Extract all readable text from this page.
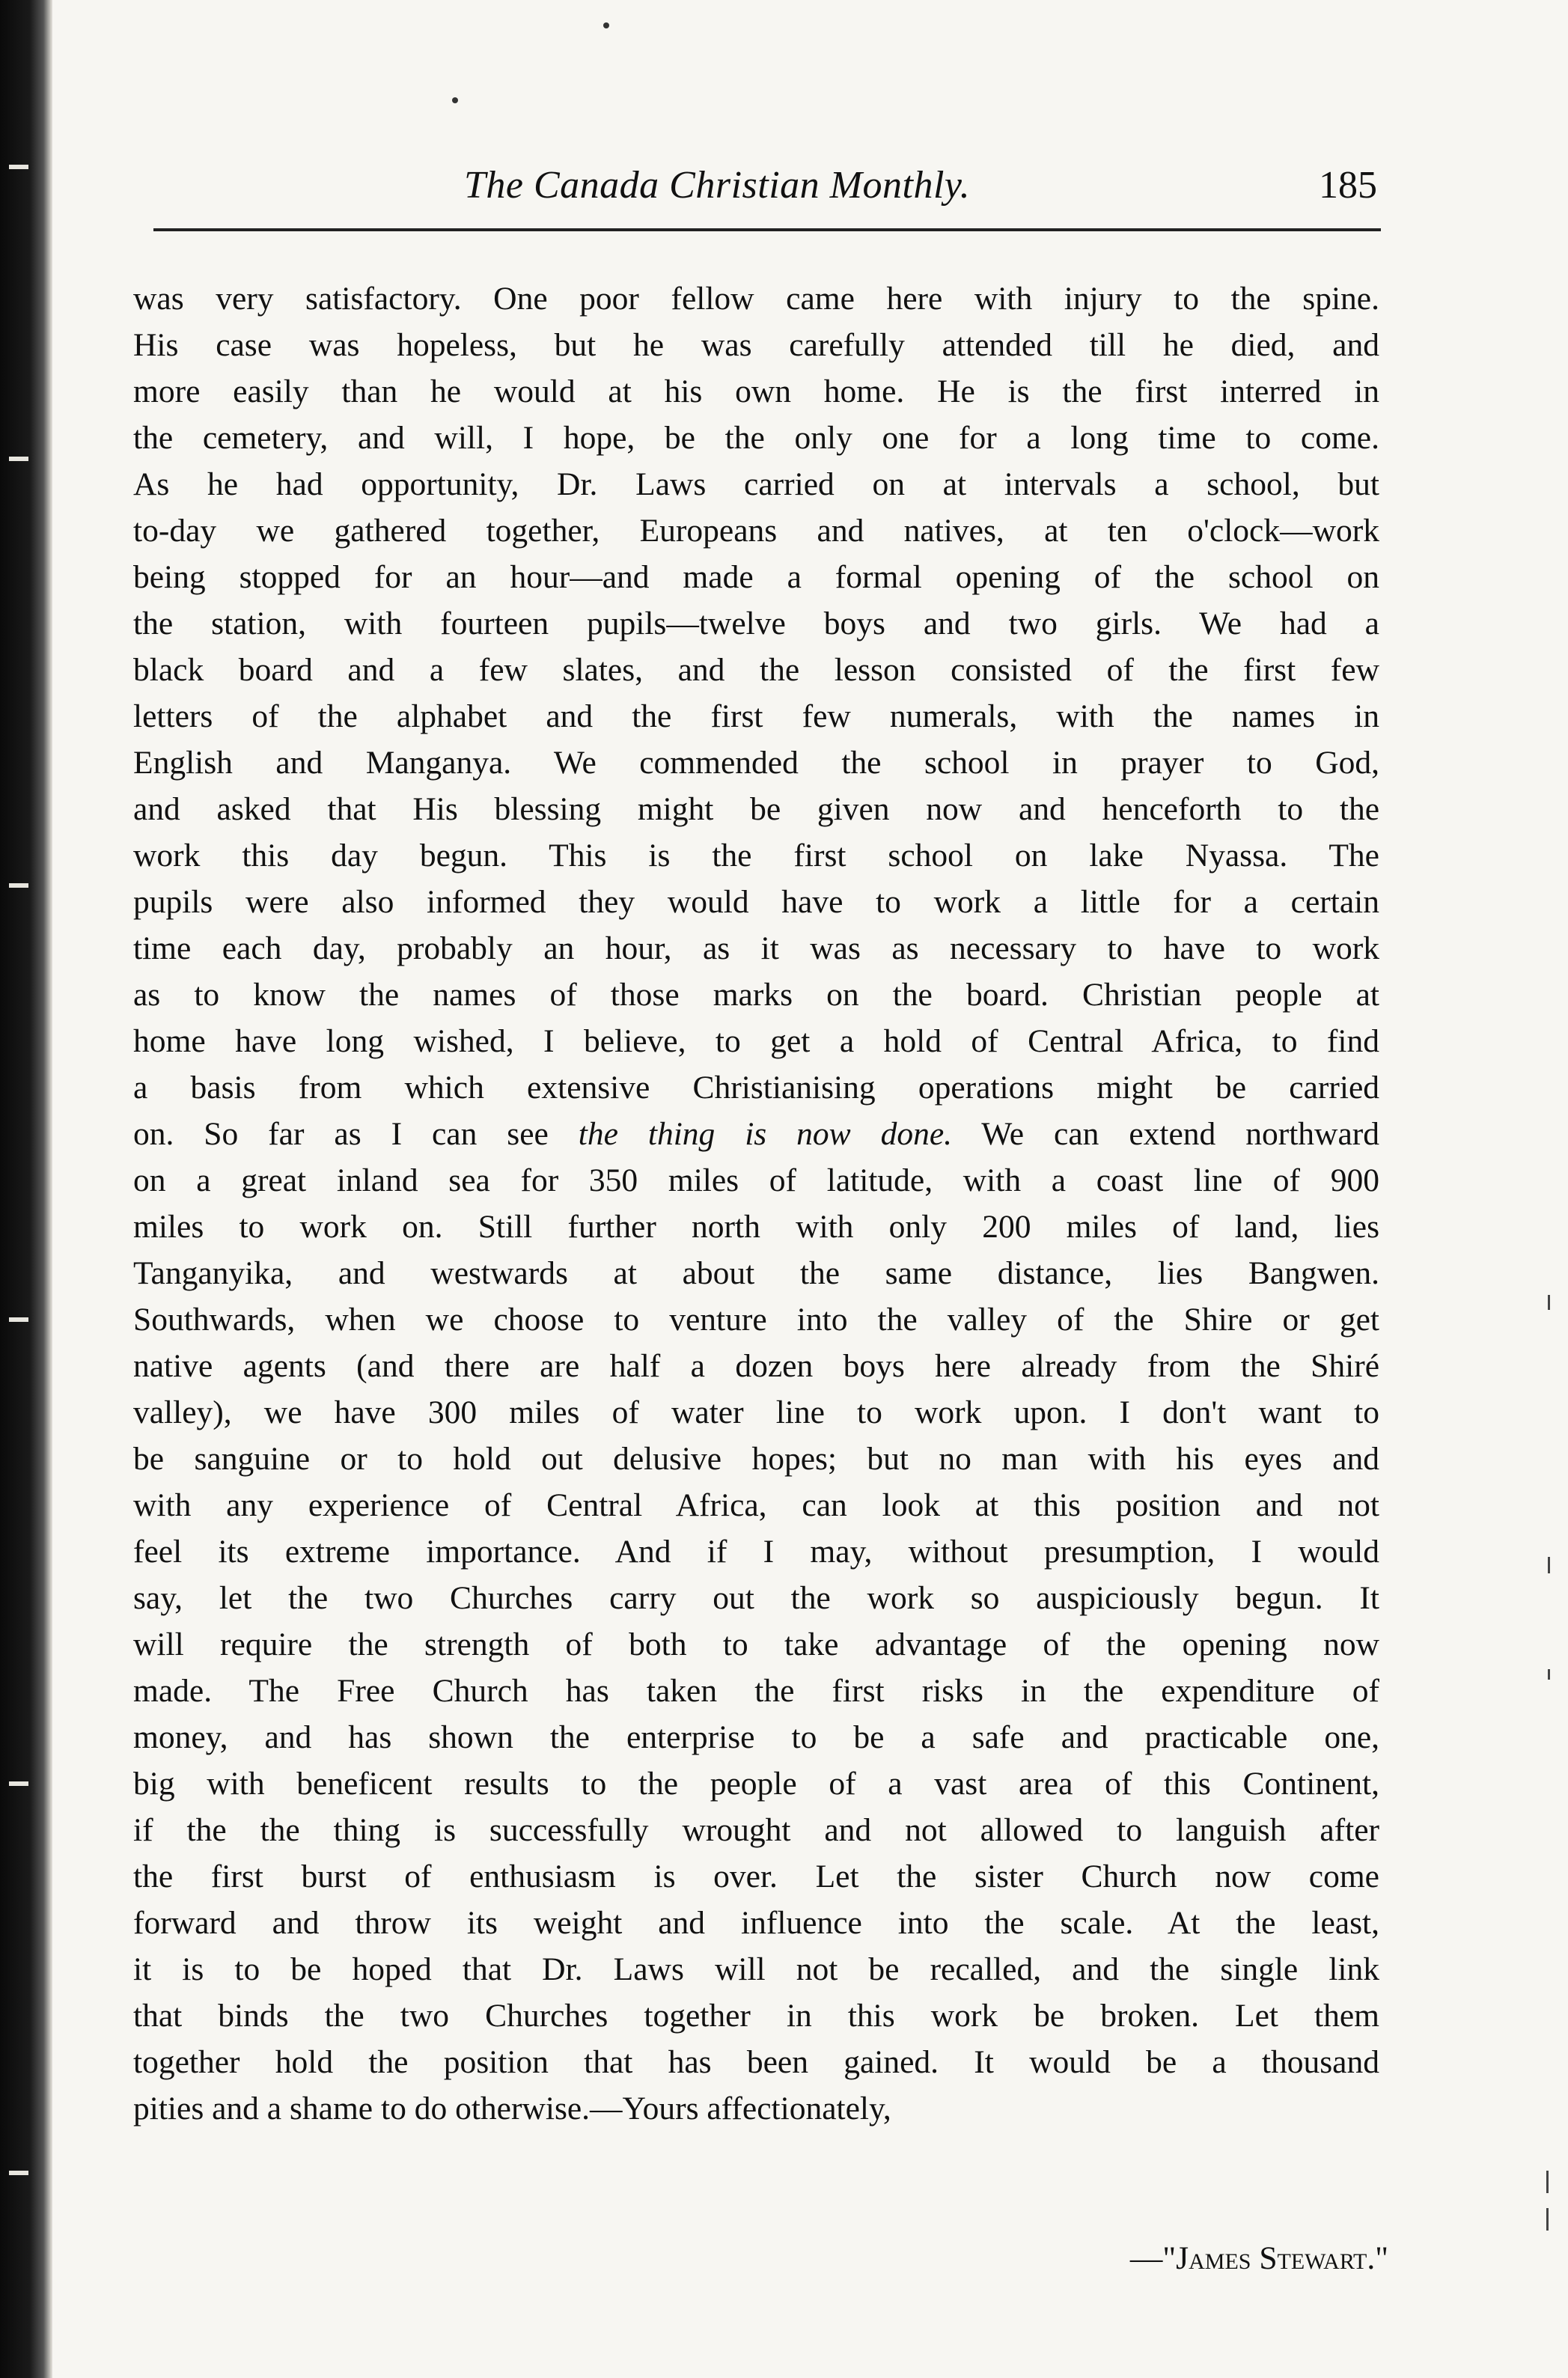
The Canada Christian Monthly.	185
was very satisfactory. One poor fellow came here with injury to the spine.
His case was hopeless, but he was carefully attended till he died, and
more easily than he would at his own home. He is the first interred in
the cemetery, and will, I hope, be the only one for a long time to come.
As he had opportunity, Dr. Laws carried on at intervals a school, but
to-day we gathered together, Europeans and natives, at ten o'clock—work
being stopped for an hour—and made a formal opening of the school on
the station, with fourteen pupils—twelve boys and two girls. We had a
black board and a few slates, and the lesson consisted of the first few
letters of the alphabet and the first few numerals, with the names in
English and Manganya. We commended the school in prayer to God,
and asked that His blessing might be given now and henceforth to the
work this day begun. This is the first school on lake Nyassa. The
pupils were also informed they would have to work a little for a certain
time each day, probably an hour, as it was as necessary to have to work
as to know the names of those marks on the board. Christian people at
home have long wished, I believe, to get a hold of Central Africa, to find
a basis from which extensive Christianising operations might be carried
on. So far as I can see the thing is now done. We can extend northward
on a great inland sea for 350 miles of latitude, with a coast line of 900
miles to work on. Still further north with only 200 miles of land, lies
Tanganyika, and westwards at about the same distance, lies Bangwen.
Southwards, when we choose to venture into the valley of the Shire or get
native agents (and there are half a dozen boys here already from the Shiré
valley), we have 300 miles of water line to work upon. I don't want to
be sanguine or to hold out delusive hopes; but no man with his eyes and
with any experience of Central Africa, can look at this position and not
feel its extreme importance. And if I may, without presumption, I would
say, let the two Churches carry out the work so auspiciously begun. It
will require the strength of both to take advantage of the opening now
made. The Free Church has taken the first risks in the expenditure of
money, and has shown the enterprise to be a safe and practicable one,
big with beneficent results to the people of a vast area of this Continent,
if the the thing is successfully wrought and not allowed to languish after
the first burst of enthusiasm is over. Let the sister Church now come
forward and throw its weight and influence into the scale. At the least,
it is to be hoped that Dr. Laws will not be recalled, and the single link
that binds the two Churches together in this work be broken. Let them
together hold the position that has been gained. It would be a thousand
pities and a shame to do otherwise.—Yours affectionately,
—"James Stewart."
